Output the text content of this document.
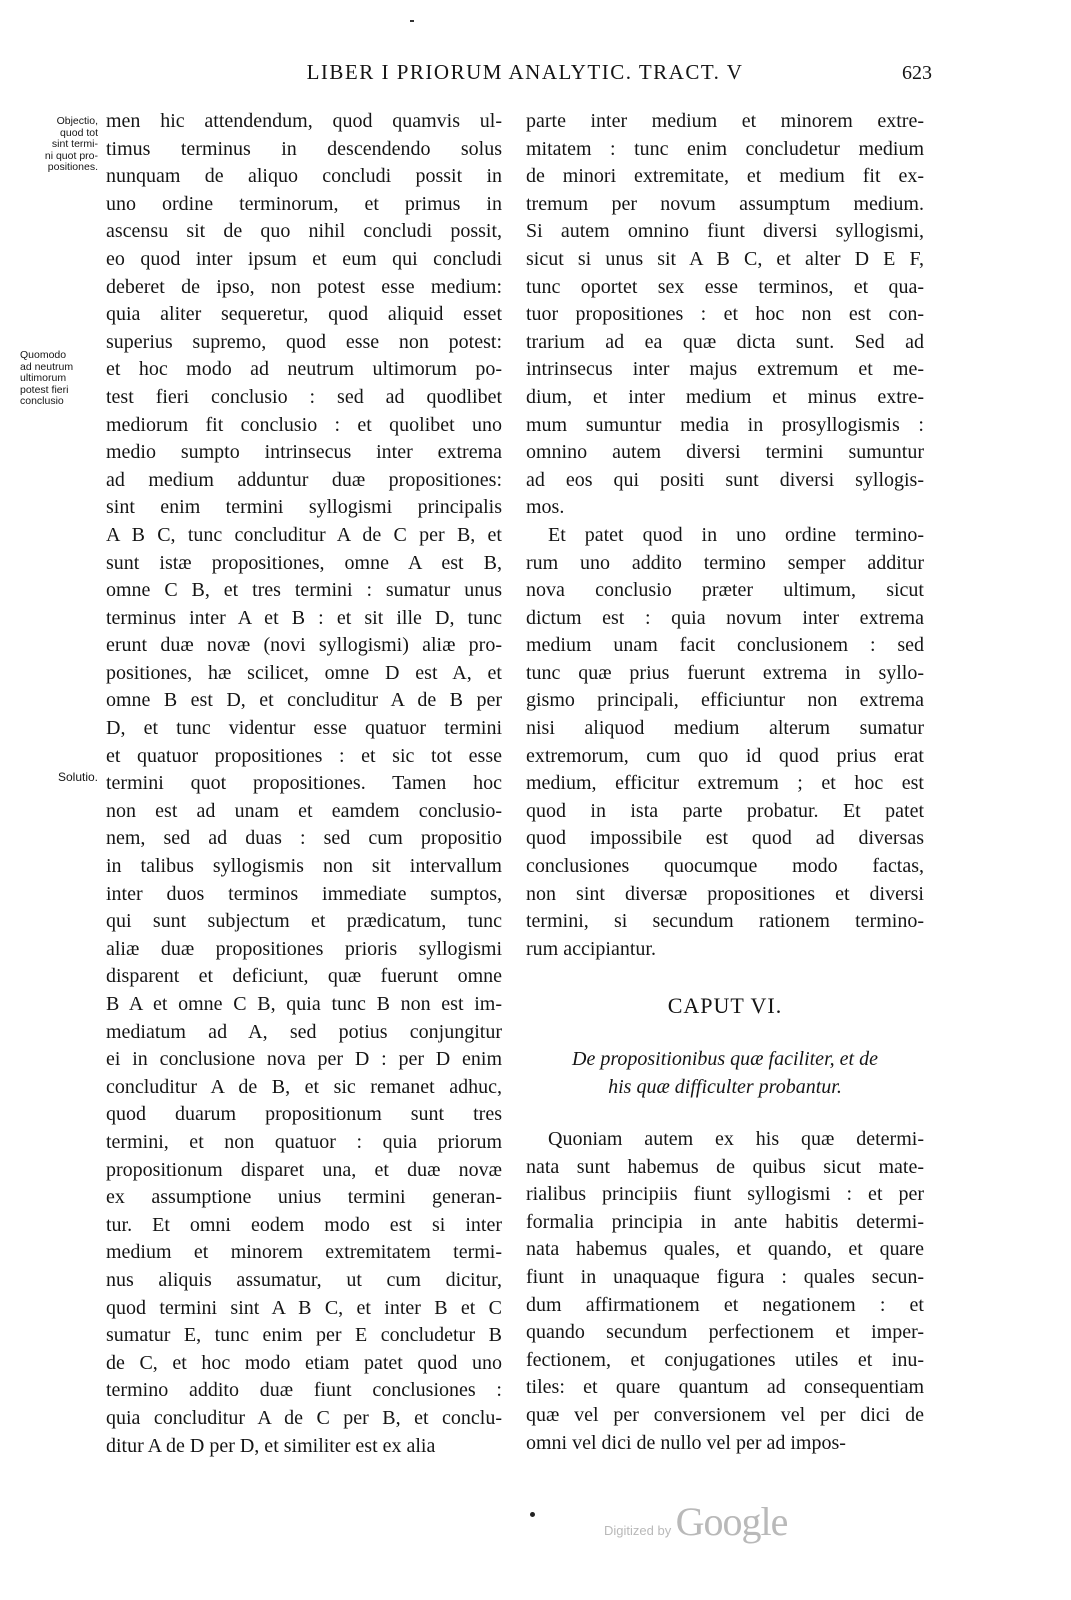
LIBER I PRIORUM ANALYTIC. TRACT. V	623
Objectio,
quod tot
sint termi-
ni quot pro-
positiones.
Quomodo
ad neutrum
ultimorum
potest fieri
conclusio
Solutio.
men hic attendendum, quod quamvis ul-
timus terminus in descendendo solus
nunquam de aliquo concludi possit in
uno ordine terminorum, et primus in
ascensu sit de quo nihil concludi possit,
eo quod inter ipsum et eum qui concludi
deberet de ipso, non potest esse medium:
quia aliter sequeretur, quod aliquid esset
superius supremo, quod esse non potest:
et hoc modo ad neutrum ultimorum po-
test fieri conclusio : sed ad quodlibet
mediorum fit conclusio : et quolibet uno
medio sumpto intrinsecus inter extrema
ad medium adduntur duæ propositiones:
sint enim termini syllogismi principalis
A B C, tunc concluditur A de C per B, et
sunt istæ propositiones, omne A est B,
omne C B, et tres termini : sumatur unus
terminus inter A et B : et sit ille D, tunc
erunt duæ novæ (novi syllogismi) aliæ pro-
positiones, hæ scilicet, omne D est A, et
omne B est D, et concluditur A de B per
D, et tunc videntur esse quatuor termini
et quatuor propositiones : et sic tot esse
termini quot propositiones. Tamen hoc
non est ad unam et eamdem conclusio-
nem, sed ad duas : sed cum propositio
in talibus syllogismis non sit intervallum
inter duos terminos immediate sumptos,
qui sunt subjectum et prædicatum, tunc
aliæ duæ propositiones prioris syllogismi
disparent et deficiunt, quæ fuerunt omne
B A et omne C B, quia tunc B non est im-
mediatum ad A, sed potius conjungitur
ei in conclusione nova per D : per D enim
concluditur A de B, et sic remanet adhuc,
quod duarum propositionum sunt tres
termini, et non quatuor : quia priorum
propositionum disparet una, et duæ novæ
ex assumptione unius termini generan-
tur. Et omni eodem modo est si inter
medium et minorem extremitatem termi-
nus aliquis assumatur, ut cum dicitur,
quod termini sint A B C, et inter B et C
sumatur E, tunc enim per E concludetur B
de C, et hoc modo etiam patet quod uno
termino addito duæ fiunt conclusiones :
quia concluditur A de C per B, et conclu-
ditur A de D per D, et similiter est ex alia
parte inter medium et minorem extre-
mitatem : tunc enim concludetur medium
de minori extremitate, et medium fit ex-
tremum per novum assumptum medium.
Si autem omnino fiunt diversi syllogismi,
sicut si unus sit A B C, et alter D E F,
tunc oportet sex esse terminos, et qua-
tuor propositiones : et hoc non est con-
trarium ad ea quæ dicta sunt. Sed ad
intrinsecus inter majus extremum et me-
dium, et inter medium et minus extre-
mum sumuntur media in prosyllogismis :
omnino autem diversi termini sumuntur
ad eos qui positi sunt diversi syllogis-
mos.
Et patet quod in uno ordine termino-
rum uno addito termino semper additur
nova conclusio præter ultimum, sicut
dictum est : quia novum inter extrema
medium unam facit conclusionem : sed
tunc quæ prius fuerunt extrema in syllo-
gismo principali, efficiuntur non extrema
nisi aliquod medium alterum sumatur
extremorum, cum quo id quod prius erat
medium, efficitur extremum ; et hoc est
quod in ista parte probatur. Et patet
quod impossibile est quod ad diversas
conclusiones quocumque modo factas,
non sint diversæ propositiones et diversi
termini, si secundum rationem termino-
rum accipiantur.
CAPUT VI.
De propositionibus quæ faciliter, et de
his quæ difficulter probantur.
Quoniam autem ex his quæ determi-
nata sunt habemus de quibus sicut mate-
rialibus principiis fiunt syllogismi : et per
formalia principia in ante habitis determi-
nata habemus quales, et quando, et quare
fiunt in unaquaque figura : quales secun-
dum affirmationem et negationem : et
quando secundum perfectionem et imper-
fectionem, et conjugationes utiles et inu-
tiles: et quare quantum ad consequentiam
quæ vel per conversionem vel per dici de
omni vel dici de nullo vel per ad impos-
Digitized by Google
